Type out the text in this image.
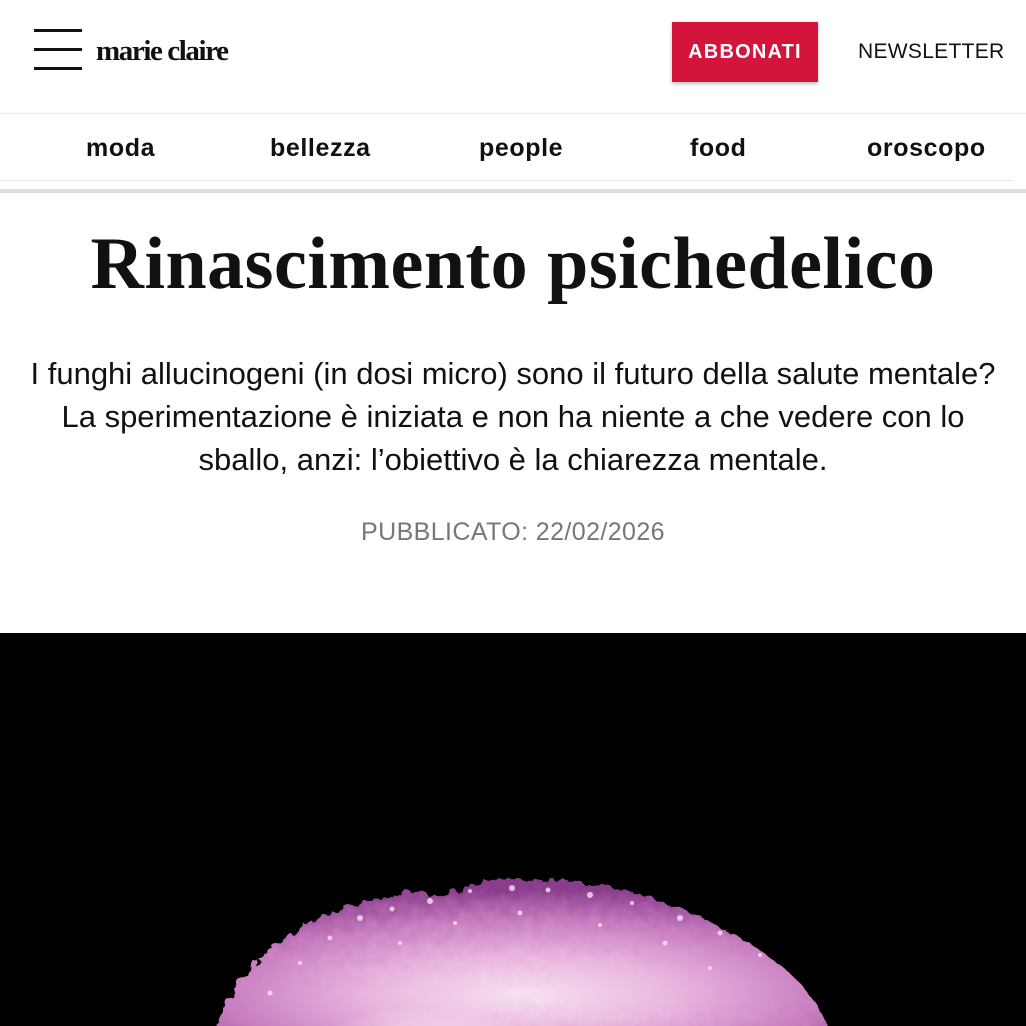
marie claire	ABBONATI	NEWSLETTER
moda	bellezza	people	food	oroscopo
Rinascimento psichedelico

I funghi allucinogeni (in dosi micro) sono il futuro della salute mentale? La sperimentazione è iniziata e non ha niente a che vedere con lo sballo, anzi: l’obiettivo è la chiarezza mentale.

PUBBLICATO: 22/02/2026
